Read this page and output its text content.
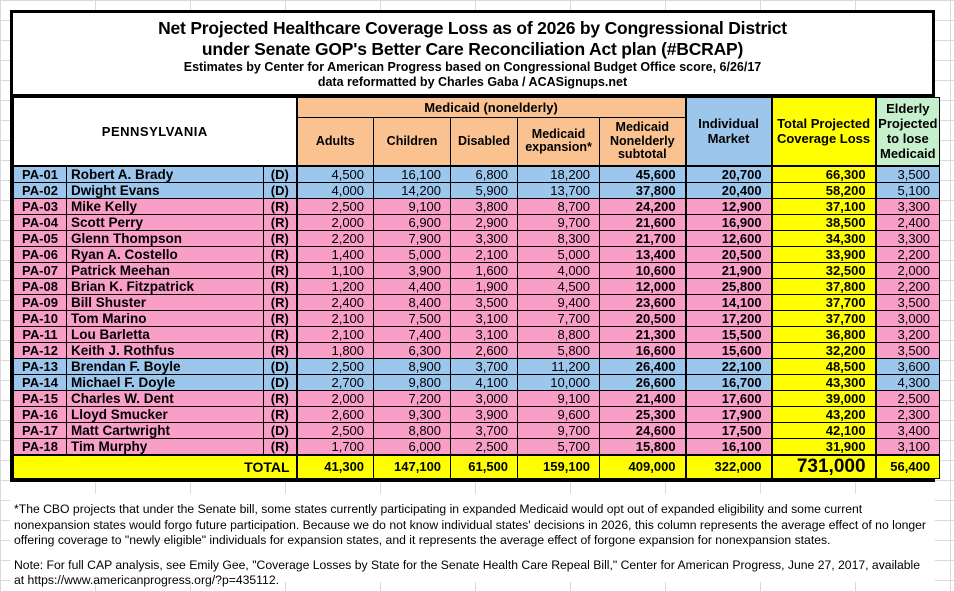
Net Projected Healthcare Coverage Loss as of 2026 by Congressional District
under Senate GOP's Better Care Reconciliation Act plan (#BCRAP)
Estimates by Center for American Progress based on Congressional Budget Office score, 6/26/17
data reformatted by Charles Gaba / ACASignups.net
PENNSYLVANIA			Medicaid (nonelderly)					Individual Market	Total Projected Coverage Loss	Elderly Projected to lose Medicaid
			Adults	Children	Disabled	Medicaid expansion*	Medicaid Nonelderly subtotal			
PA-01	Robert A. Brady	(D)	4,500	16,100	6,800	18,200	45,600	20,700	66,300	3,500
PA-02	Dwight Evans	(D)	4,000	14,200	5,900	13,700	37,800	20,400	58,200	5,100
PA-03	Mike Kelly	(R)	2,500	9,100	3,800	8,700	24,200	12,900	37,100	3,300
PA-04	Scott Perry	(R)	2,000	6,900	2,900	9,700	21,600	16,900	38,500	2,400
PA-05	Glenn Thompson	(R)	2,200	7,900	3,300	8,300	21,700	12,600	34,300	3,300
PA-06	Ryan A. Costello	(R)	1,400	5,000	2,100	5,000	13,400	20,500	33,900	2,200
PA-07	Patrick Meehan	(R)	1,100	3,900	1,600	4,000	10,600	21,900	32,500	2,000
PA-08	Brian K. Fitzpatrick	(R)	1,200	4,400	1,900	4,500	12,000	25,800	37,800	2,200
PA-09	Bill Shuster	(R)	2,400	8,400	3,500	9,400	23,600	14,100	37,700	3,500
PA-10	Tom Marino	(R)	2,100	7,500	3,100	7,700	20,500	17,200	37,700	3,000
PA-11	Lou Barletta	(R)	2,100	7,400	3,100	8,800	21,300	15,500	36,800	3,200
PA-12	Keith J. Rothfus	(R)	1,800	6,300	2,600	5,800	16,600	15,600	32,200	3,500
PA-13	Brendan F. Boyle	(D)	2,500	8,900	3,700	11,200	26,400	22,100	48,500	3,600
PA-14	Michael F. Doyle	(D)	2,700	9,800	4,100	10,000	26,600	16,700	43,300	4,300
PA-15	Charles W. Dent	(R)	2,000	7,200	3,000	9,100	21,400	17,600	39,000	2,500
PA-16	Lloyd Smucker	(R)	2,600	9,300	3,900	9,600	25,300	17,900	43,200	2,300
PA-17	Matt Cartwright	(D)	2,500	8,800	3,700	9,700	24,600	17,500	42,100	3,400
PA-18	Tim Murphy	(R)	1,700	6,000	2,500	5,700	15,800	16,100	31,900	3,100
TOTAL			41,300	147,100	61,500	159,100	409,000	322,000	731,000	56,400

*The CBO projects that under the Senate bill, some states currently participating in expanded Medicaid would opt out of expanded eligibility and some current nonexpansion states would forgo future participation. Because we do not know individual states' decisions in 2026, this column represents the average effect of no longer offering coverage to "newly eligible" individuals for expansion states, and it represents the average effect of forgone expansion for nonexpansion states.

Note: For full CAP analysis, see Emily Gee, "Coverage Losses by State for the Senate Health Care Repeal Bill," Center for American Progress, June 27, 2017, available at https://www.americanprogress.org/?p=435112.
